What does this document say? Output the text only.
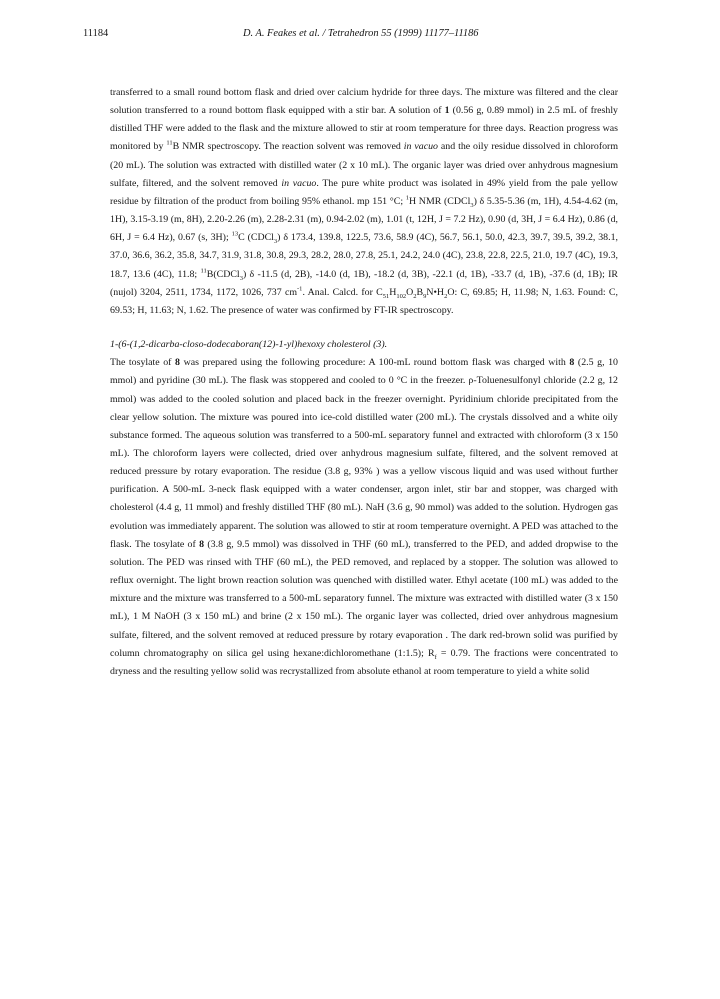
11184	D. A. Feakes et al. / Tetrahedron 55 (1999) 11177–11186

transferred to a small round bottom flask and dried over calcium hydride for three days. The mixture was filtered and the clear solution transferred to a round bottom flask equipped with a stir bar. A solution of 1 (0.56 g, 0.89 mmol) in 2.5 mL of freshly distilled THF were added to the flask and the mixture allowed to stir at room temperature for three days. Reaction progress was monitored by $^{11}$B NMR spectroscopy. The reaction solvent was removed in vacuo and the oily residue dissolved in chloroform (20 mL). The solution was extracted with distilled water (2 x 10 mL). The organic layer was dried over anhydrous magnesium sulfate, filtered, and the solvent removed in vacuo. The pure white product was isolated in 49% yield from the pale yellow residue by filtration of the product from boiling 95% ethanol. mp 151 °C; $^1$H NMR (CDCl$_3$) δ 5.35-5.36 (m, 1H), 4.54-4.62 (m, 1H), 3.15-3.19 (m, 8H), 2.20-2.26 (m), 2.28-2.31 (m), 0.94-2.02 (m), 1.01 (t, 12H, J = 7.2 Hz), 0.90 (d, 3H, J = 6.4 Hz), 0.86 (d, 6H, J = 6.4 Hz), 0.67 (s, 3H); $^{13}$C (CDCl$_3$) δ 173.4, 139.8, 122.5, 73.6, 58.9 (4C), 56.7, 56.1, 50.0, 42.3, 39.7, 39.5, 39.2, 38.1, 37.0, 36.6, 36.2, 35.8, 34.7, 31.9, 31.8, 30.8, 29.3, 28.2, 28.0, 27.8, 25.1, 24.2, 24.0 (4C), 23.8, 22.8, 22.5, 21.0, 19.7 (4C), 19.3, 18.7, 13.6 (4C), 11.8; $^{11}$B(CDCl$_3$) δ -11.5 (d, 2B), -14.0 (d, 1B), -18.2 (d, 3B), -22.1 (d, 1B), -33.7 (d, 1B), -37.6 (d, 1B); IR (nujol) 3204, 2511, 1734, 1172, 1026, 737 $cm^{-1}$. Anal. Calcd. for $C_{51}H_{102}O_2B_9N•H_2O$: C, 69.85; H, 11.98; N, 1.63. Found: C, 69.53; H, 11.63; N, 1.62. The presence of water was confirmed by FT-IR spectroscopy.

1-(6-(1,2-dicarba-closo-dodecaboran(12)-1-yl)hexoxy cholesterol (3).

The tosylate of 8 was prepared using the following procedure: A 100-mL round bottom flask was charged with 8 (2.5 g, 10 mmol) and pyridine (30 mL). The flask was stoppered and cooled to 0 °C in the freezer. ρ-Toluenesulfonyl chloride (2.2 g, 12 mmol) was added to the cooled solution and placed back in the freezer overnight. Pyridinium chloride precipitated from the clear yellow solution. The mixture was poured into ice-cold distilled water (200 mL). The crystals dissolved and a white oily substance formed. The aqueous solution was transferred to a 500-mL separatory funnel and extracted with chloroform (3 x 150 mL). The chloroform layers were collected, dried over anhydrous magnesium sulfate, filtered, and the solvent removed at reduced pressure by rotary evaporation. The residue (3.8 g, 93% ) was a yellow viscous liquid and was used without further purification. A 500-mL 3-neck flask equipped with a water condenser, argon inlet, stir bar and stopper, was charged with cholesterol (4.4 g, 11 mmol) and freshly distilled THF (80 mL). NaH (3.6 g, 90 mmol) was added to the solution. Hydrogen gas evolution was immediately apparent. The solution was allowed to stir at room temperature overnight. A PED was attached to the flask. The tosylate of 8 (3.8 g, 9.5 mmol) was dissolved in THF (60 mL), transferred to the PED, and added dropwise to the solution. The PED was rinsed with THF (60 mL), the PED removed, and replaced by a stopper. The solution was allowed to reflux overnight. The light brown reaction solution was quenched with distilled water. Ethyl acetate (100 mL) was added to the mixture and the mixture was transferred to a 500-mL separatory funnel. The mixture was extracted with distilled water (3 x 150 mL), 1 M NaOH (3 x 150 mL) and brine (2 x 150 mL). The organic layer was collected, dried over anhydrous magnesium sulfate, filtered, and the solvent removed at reduced pressure by rotary evaporation . The dark red-brown solid was purified by column chromatography on silica gel using hexane:dichloromethane (1:1.5); $R_f = 0.79$. The fractions were concentrated to dryness and the resulting yellow solid was recrystallized from absolute ethanol at room temperature to yield a white solid
